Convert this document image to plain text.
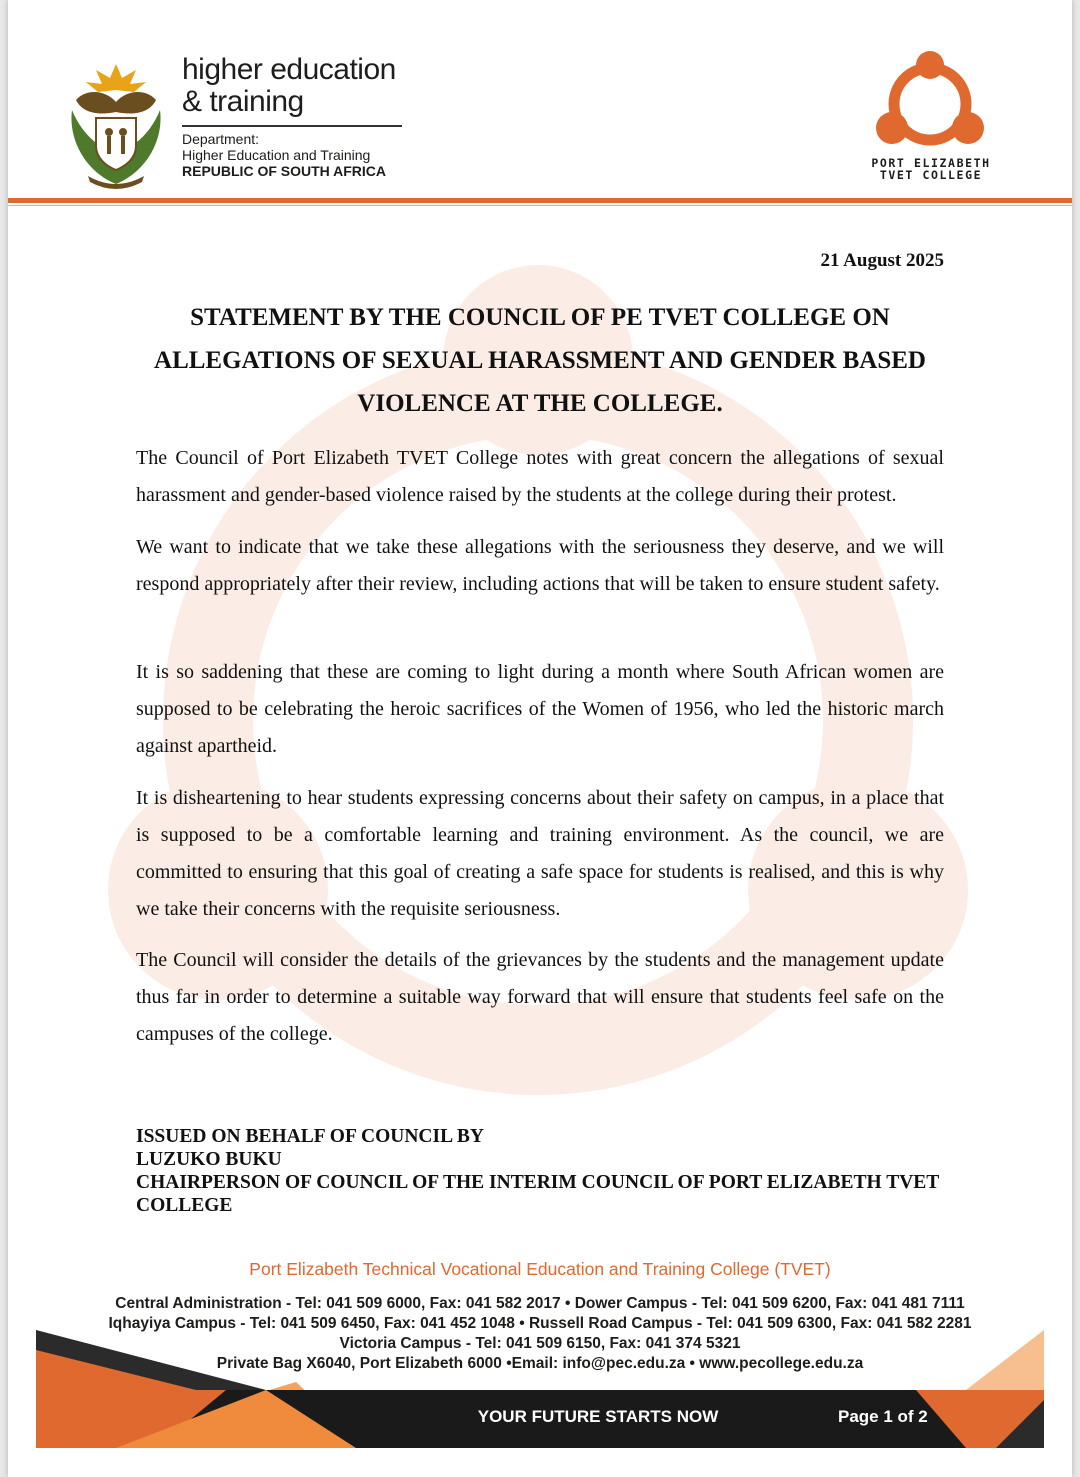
higher education
& training
Department:
Higher Education and Training
REPUBLIC OF SOUTH AFRICA	PORT ELIZABETH
TVET COLLEGE
21 August 2025
STATEMENT BY THE COUNCIL OF PE TVET COLLEGE ON ALLEGATIONS OF SEXUAL HARASSMENT AND GENDER BASED VIOLENCE AT THE COLLEGE.

The Council of Port Elizabeth TVET College notes with great concern the allegations of sexual harassment and gender-based violence raised by the students at the college during their protest.

We want to indicate that we take these allegations with the seriousness they deserve, and we will respond appropriately after their review, including actions that will be taken to ensure student safety.

It is so saddening that these are coming to light during a month where South African women are supposed to be celebrating the heroic sacrifices of the Women of 1956, who led the historic march against apartheid.

It is disheartening to hear students expressing concerns about their safety on campus, in a place that is supposed to be a comfortable learning and training environment. As the council, we are committed to ensuring that this goal of creating a safe space for students is realised, and this is why we take their concerns with the requisite seriousness.

The Council will consider the details of the grievances by the students and the management update thus far in order to determine a suitable way forward that will ensure that students feel safe on the campuses of the college.

ISSUED ON BEHALF OF COUNCIL BY
LUZUKO BUKU
CHAIRPERSON OF COUNCIL OF THE INTERIM COUNCIL OF PORT ELIZABETH TVET COLLEGE
Port Elizabeth Technical Vocational Education and Training College (TVET)
Central Administration - Tel: 041 509 6000, Fax: 041 582 2017 • Dower Campus - Tel: 041 509 6200, Fax: 041 481 7111
Iqhayiya Campus - Tel: 041 509 6450, Fax: 041 452 1048 • Russell Road Campus - Tel: 041 509 6300, Fax: 041 582 2281
Victoria Campus - Tel: 041 509 6150, Fax: 041 374 5321
Private Bag X6040, Port Elizabeth 6000 •Email: info@pec.edu.za • www.pecollege.edu.za
YOUR FUTURE STARTS NOW	Page 1 of 2
